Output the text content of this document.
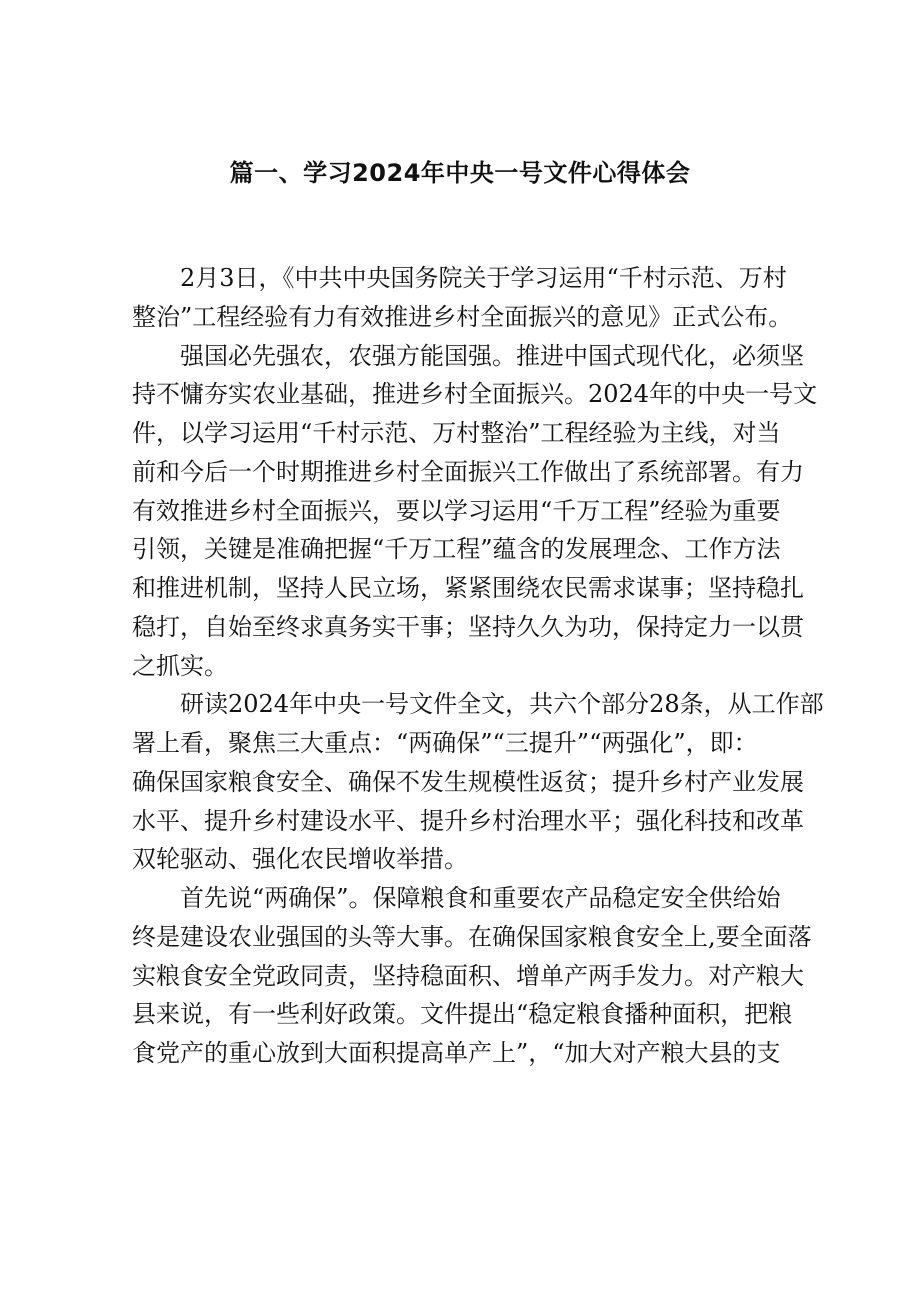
篇一、学习2024年中央一号文件心得体会
2月3日，《中共中央国务院关于学习运用“千村示范、万村
整治”工程经验有力有效推进乡村全面振兴的意见》正式公布。
强国必先强农，农强方能国强。推进中国式现代化，必须坚
持不慵夯实农业基础，推进乡村全面振兴。2024年的中央一号文
件，以学习运用“千村示范、万村整治”工程经验为主线，对当
前和今后一个时期推进乡村全面振兴工作做出了系统部署。有力
有效推进乡村全面振兴，要以学习运用“千万工程”经验为重要
引领，关键是准确把握“千万工程”蕴含的发展理念、工作方法
和推进机制，坚持人民立场，紧紧围绕农民需求谋事；坚持稳扎
稳打，自始至终求真务实干事；坚持久久为功，保持定力一以贯
之抓实。
研读2024年中央一号文件全文，共六个部分28条，从工作部
署上看，聚焦三大重点：“两确保”“三提升”“两强化”，即：
确保国家粮食安全、确保不发生规模性返贫；提升乡村产业发展
水平、提升乡村建设水平、提升乡村治理水平；强化科技和改革
双轮驱动、强化农民增收举措。
首先说“两确保”。保障粮食和重要农产品稳定安全供给始
终是建设农业强国的头等大事。在确保国家粮食安全上,要全面落
实粮食安全党政同责，坚持稳面积、增单产两手发力。对产粮大
县来说，有一些利好政策。文件提出“稳定粮食播种面积，把粮
食党产的重心放到大面积提高单产上”，“加大对产粮大县的支
